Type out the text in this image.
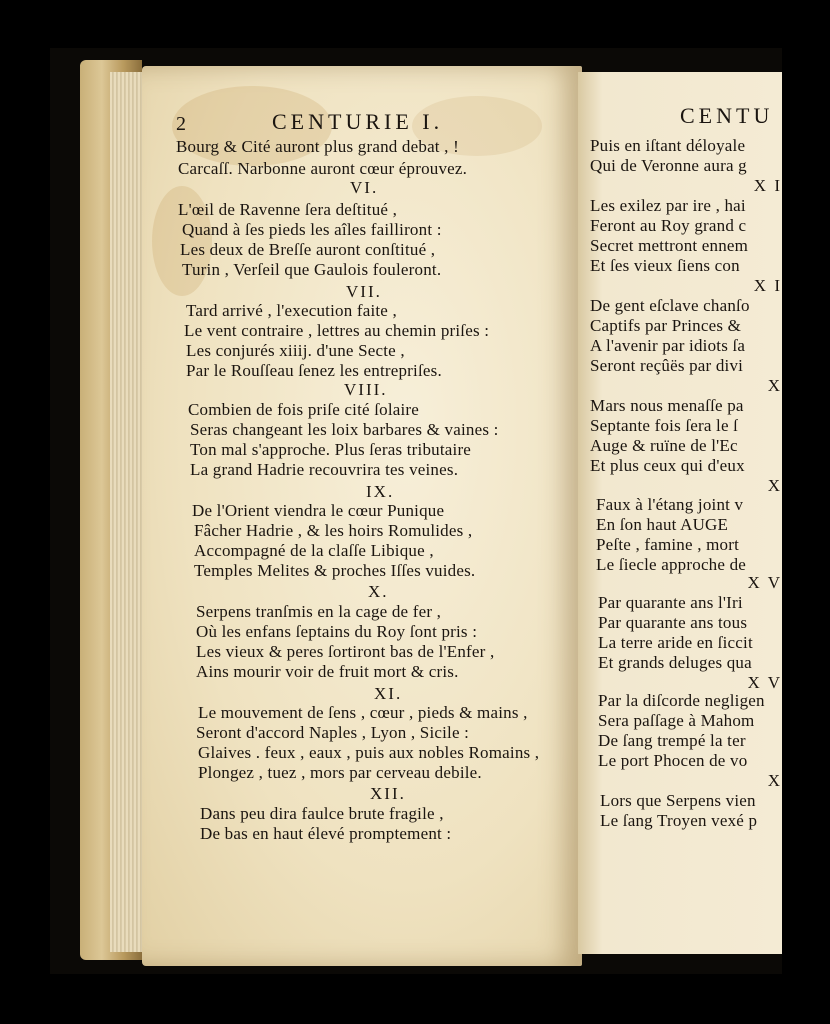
2	CENTURIE I.
Bourg & Cité auront plus grand debat , !
Carcaſſ. Narbonne auront cœur éprouvez.
VI.
L'œil de Ravenne ſera deſtitué ,
Quand à ſes pieds les aîles failliront :
Les deux de Breſſe auront conſtitué ,
Turin , Verſeil que Gaulois fouleront.
VII.
Tard arrivé , l'execution faite ,
Le vent contraire , lettres au chemin priſes :
Les conjurés xiiij. d'une Secte ,
Par le Rouſſeau ſenez les entrepriſes.
VIII.
Combien de fois priſe cité ſolaire
Seras changeant les loix barbares & vaines :
Ton mal s'approche. Plus ſeras tributaire
La grand Hadrie recouvrira tes veines.
IX.
De l'Orient viendra le cœur Punique
Fâcher Hadrie , & les hoirs Romulides ,
Accompagné de la claſſe Libique ,
Temples Melites & proches Iſſes vuides.
X.
Serpens tranſmis en la cage de fer ,
Où les enfans ſeptains du Roy ſont pris :
Les vieux & peres ſortiront bas de l'Enfer ,
Ains mourir voir de fruit mort & cris.
XI.
Le mouvement de ſens , cœur , pieds & mains ,
Seront d'accord Naples , Lyon , Sicile :
Glaives . feux , eaux , puis aux nobles Romains ,
Plongez , tuez , mors par cerveau debile.
XII.
Dans peu dira faulce brute fragile ,
De bas en haut élevé promptement :
CENTU
Puis en iſtant déloyale
Qui de Veronne aura g
X I
Les exilez par ire , hai
Feront au Roy grand c
Secret mettront ennem
Et ſes vieux ſiens con
X I
De gent eſclave chanſo
Captifs par Princes &
A l'avenir par idiots ſa
Seront reçûës par divi
X
Mars nous menaſſe pa
Septante fois ſera le ſ
Auge & ruïne de l'Ec
Et plus ceux qui d'eux
X
Faux à l'étang joint v
En ſon haut AUGE
Peſte , famine , mort
Le ſiecle approche de
X V
Par quarante ans l'Iri
Par quarante ans tous
La terre aride en ſiccit
Et grands deluges qua
X V
Par la diſcorde negligen
Sera paſſage à Mahom
De ſang trempé la ter
Le port Phocen de vo
X
Lors que Serpens vien
Le ſang Troyen vexé p
